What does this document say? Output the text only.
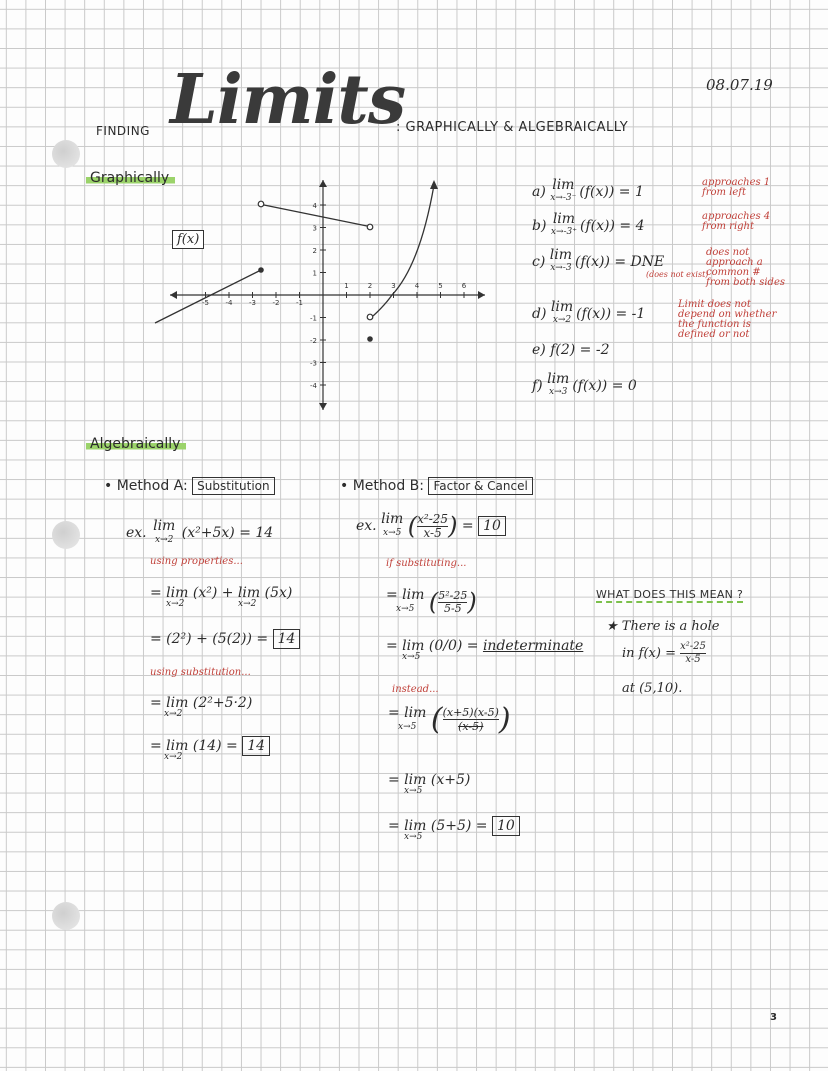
08.07.19
FINDING Limits
: GRAPHICALLY & ALGEBRAICALLY
Graphically
f(x)
-5 -4 -3 -2 -1
1	2	3	4	5	6
4
3
2
1
-1
-2
-3
-4
a) lim
x→-3⁻ (f(x)) = 1
approaches 1 from left
b) lim
x→-3⁺ (f(x)) = 4
approaches 4 from right
c) lim
x→-3 (f(x)) = DNE
does not approach a common # from both sides
(does not exist)
d) lim
x→2 (f(x)) = -1
Limit does not depend on whether the function is defined or not
e) f(2) = -2
f) lim
x→3 (f(x)) = 0
Algebraically
• Method A: Substitution
ex. lim
x→2 (x²+5x) = 14
using properties...
= lim (x²) + lim (5x)
x→2	x→2
= (2²) + (5(2)) = 14
using substitution...
= lim (2²+5·2)
x→2
= lim (14) = 14
x→2
• Method B: Factor & Cancel
ex. lim
x→5 ( $\frac{\text{x²-25}}{x-5}) = 10$
if substituting...
= lim
x→5 ( $\frac{\text{5²-25}}{5-5}$)
= lim (0/0) = indeterminate
x→5
instead...
= lim
x→5 ( $\frac{(x+5)(x-5)}{(x-5)}$)
= lim (x+5)
x→5
= lim (5+5) = 10
x→5
WHAT DOES THIS MEAN ?
★ There is a hole
in $f(x) = \frac{\text{x²-25}}{x-5}$
at (5,10).
3
